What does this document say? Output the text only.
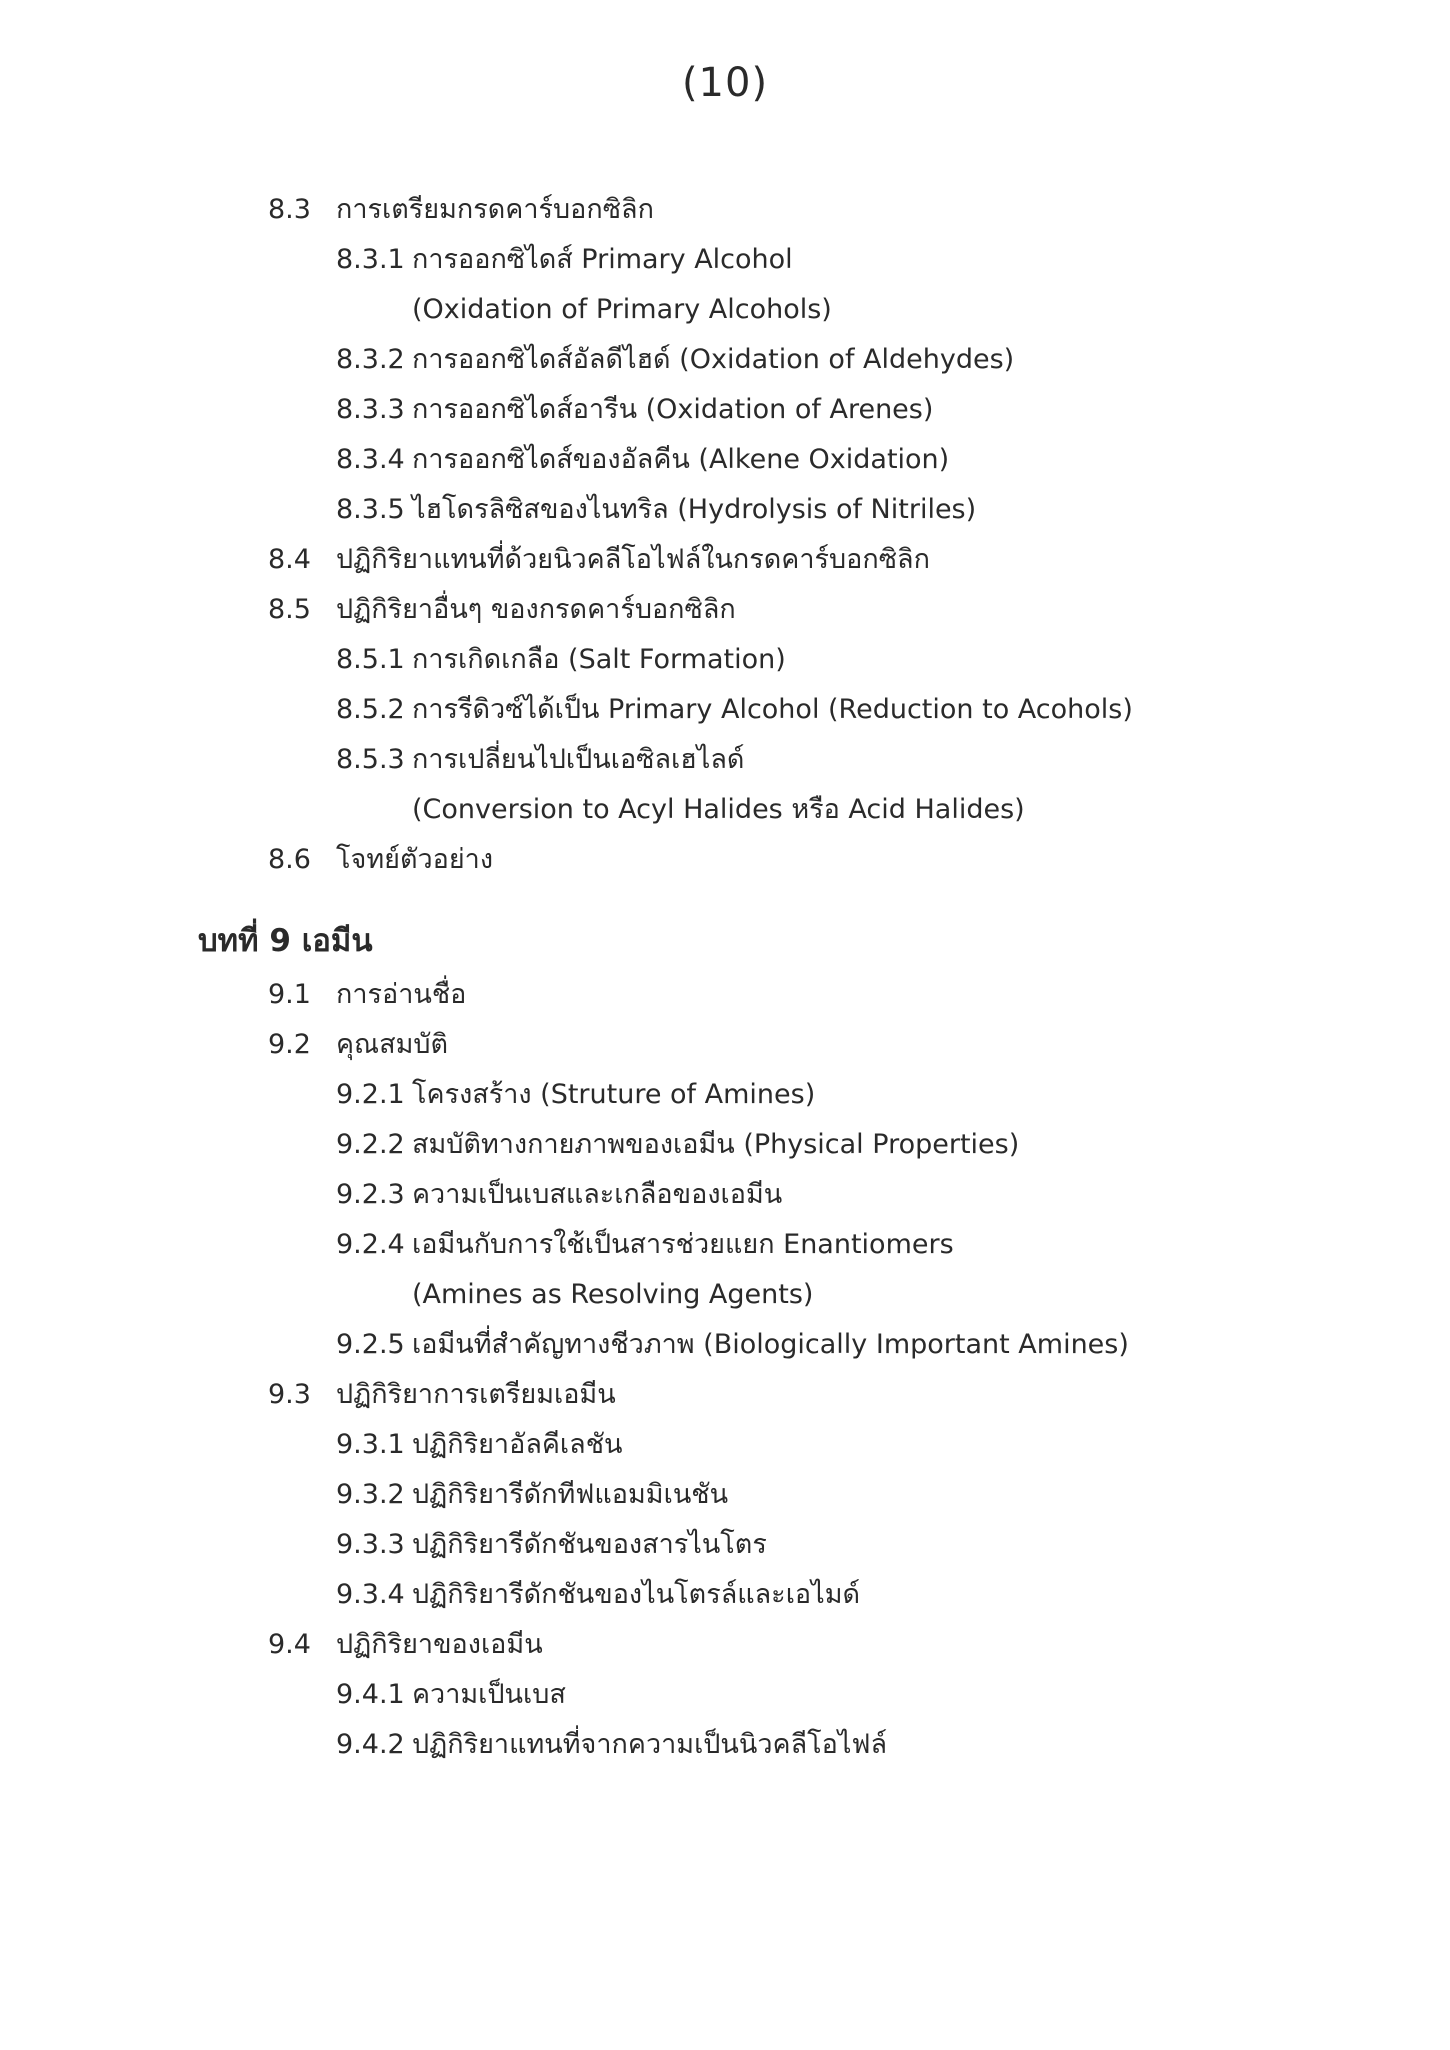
(10)
8.3 การเตรียมกรดคาร์บอกซิลิก
8.3.1 การออกซิไดส์ Primary Alcohol
(Oxidation of Primary Alcohols)
8.3.2 การออกซิไดส์อัลดีไฮด์ (Oxidation of Aldehydes)
8.3.3 การออกซิไดส์อารีน (Oxidation of Arenes)
8.3.4 การออกซิไดส์ของอัลคีน (Alkene Oxidation)
8.3.5 ไฮโดรลิซิสของไนทริล (Hydrolysis of Nitriles)
8.4 ปฏิกิริยาแทนที่ด้วยนิวคลีโอไฟล์ในกรดคาร์บอกซิลิก
8.5 ปฏิกิริยาอื่นๆ ของกรดคาร์บอกซิลิก
8.5.1 การเกิดเกลือ (Salt Formation)
8.5.2 การรีดิวซ์ได้เป็น Primary Alcohol (Reduction to Acohols)
8.5.3 การเปลี่ยนไปเป็นเอซิลเฮไลด์
(Conversion to Acyl Halides หรือ Acid Halides)
8.6 โจทย์ตัวอย่าง
บทที่ 9 เอมีน
9.1 การอ่านชื่อ
9.2 คุณสมบัติ
9.2.1 โครงสร้าง (Struture of Amines)
9.2.2 สมบัติทางกายภาพของเอมีน (Physical Properties)
9.2.3 ความเป็นเบสและเกลือของเอมีน
9.2.4 เอมีนกับการใช้เป็นสารช่วยแยก Enantiomers
(Amines as Resolving Agents)
9.2.5 เอมีนที่สำคัญทางชีวภาพ (Biologically Important Amines)
9.3 ปฏิกิริยาการเตรียมเอมีน
9.3.1 ปฏิกิริยาอัลคีเลชัน
9.3.2 ปฏิกิริยารีดักทีฟแอมมิเนชัน
9.3.3 ปฏิกิริยารีดักชันของสารไนโตร
9.3.4 ปฏิกิริยารีดักชันของไนโตรล์และเอไมด์
9.4 ปฏิกิริยาของเอมีน
9.4.1 ความเป็นเบส
9.4.2 ปฏิกิริยาแทนที่จากความเป็นนิวคลีโอไฟล์
